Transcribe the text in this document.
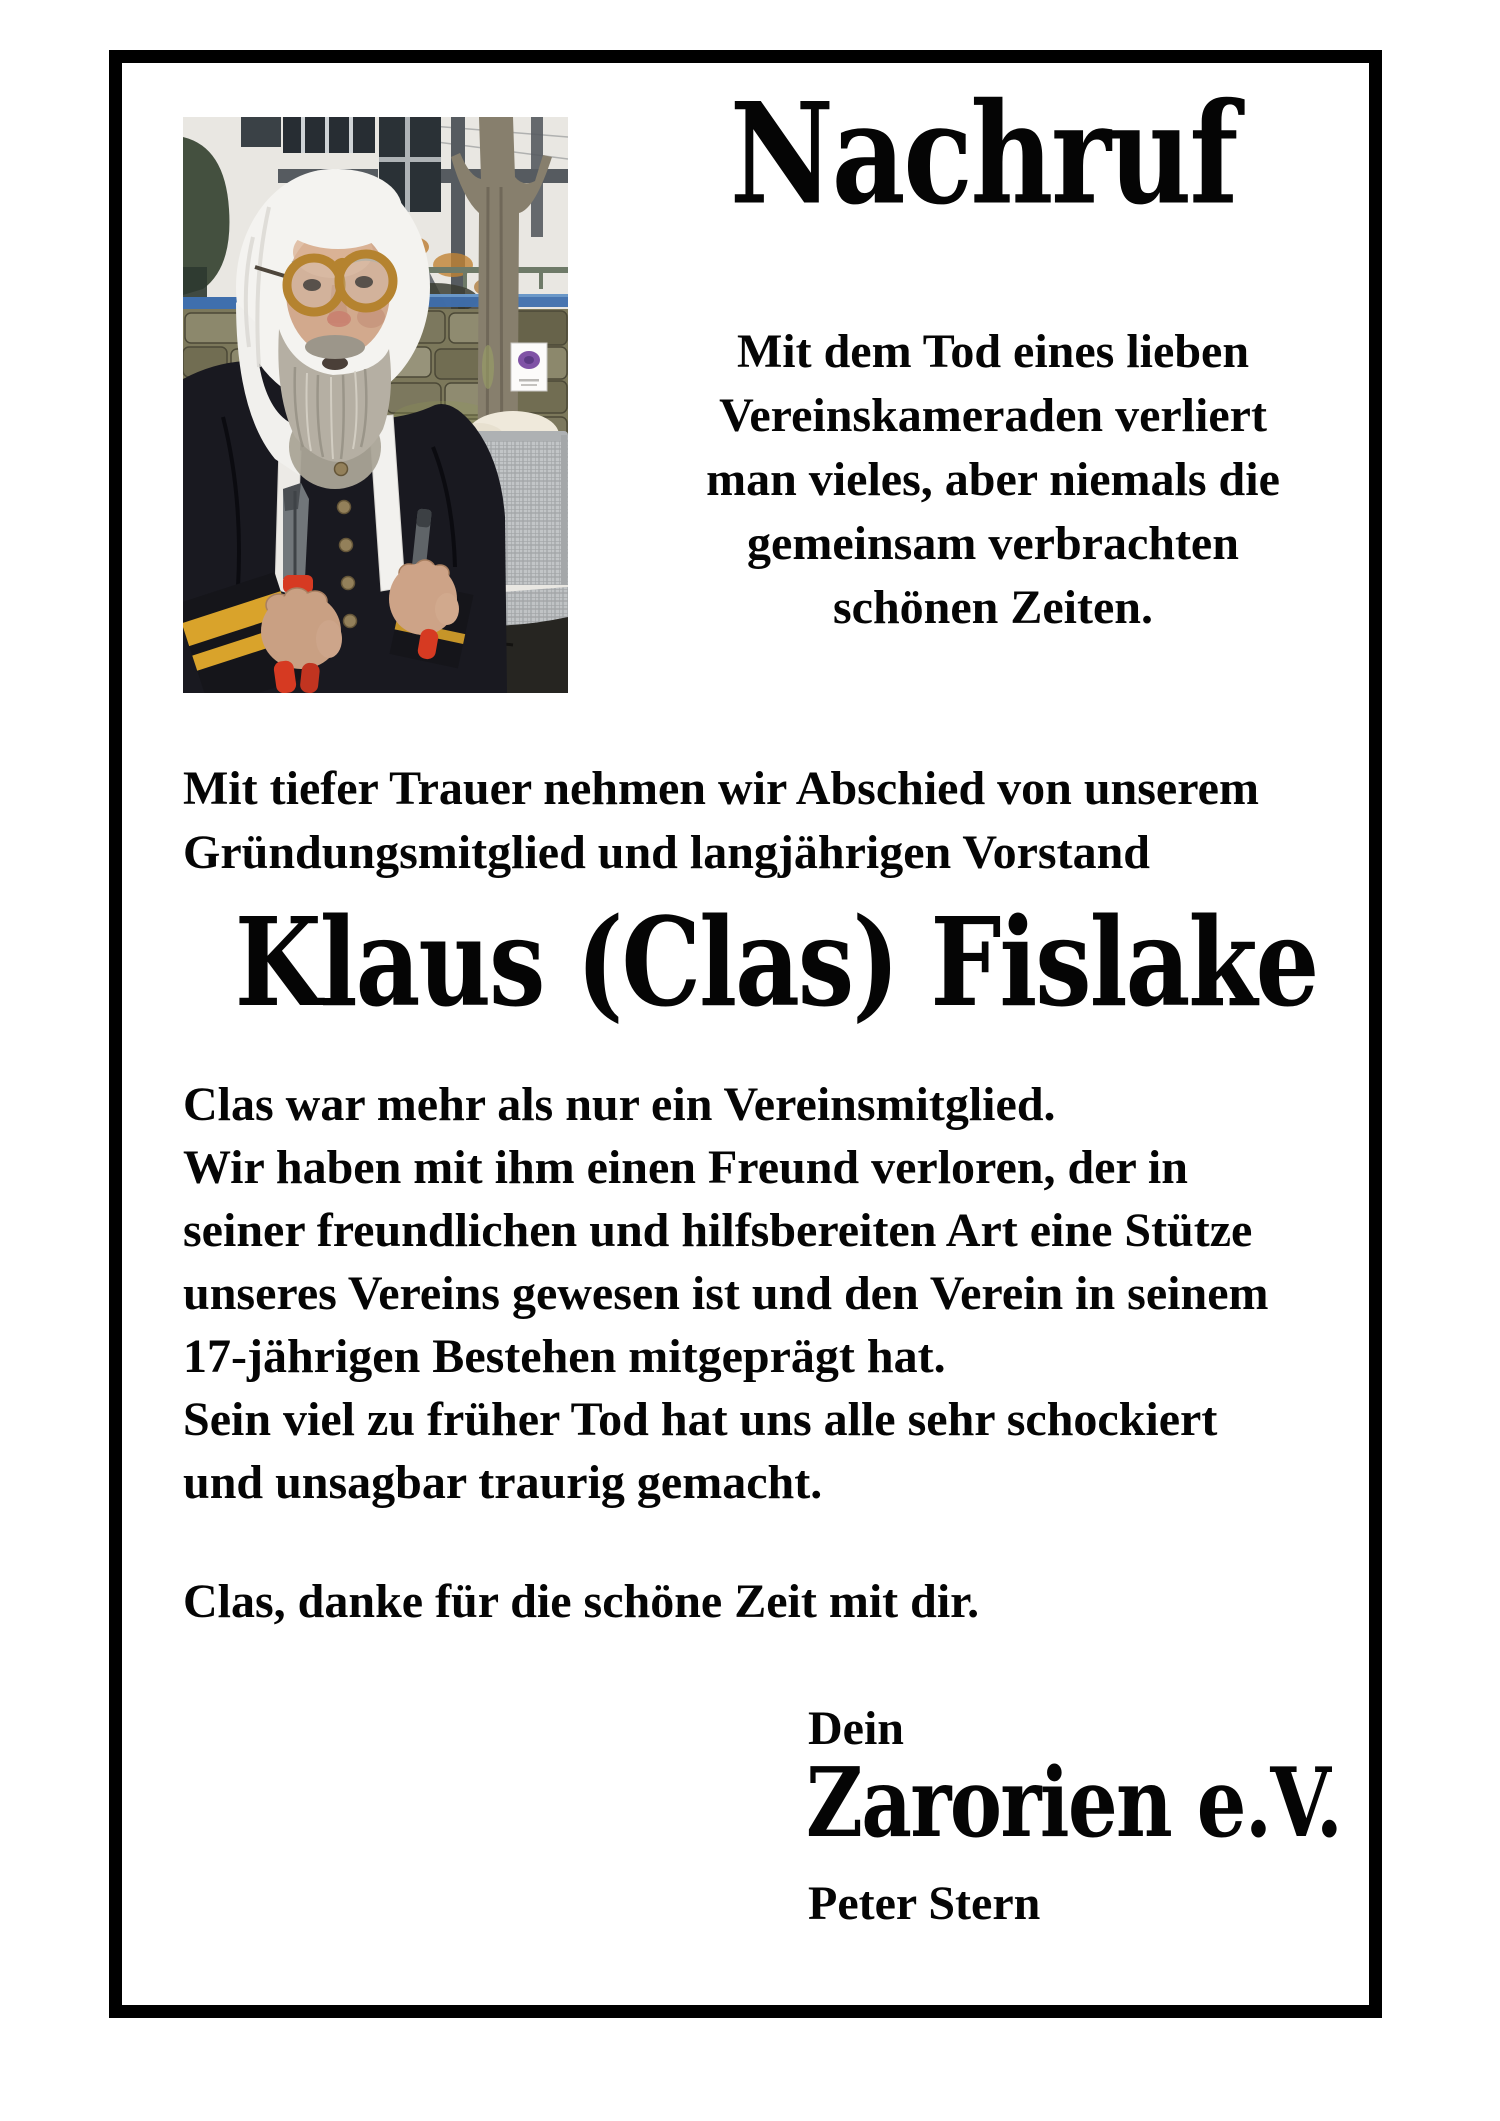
Nachruf
Mit dem Tod eines lieben
Vereinskameraden verliert
man vieles, aber niemals die
gemeinsam verbrachten
schönen Zeiten.
Mit tiefer Trauer nehmen wir Abschied von unserem
Gründungsmitglied und langjährigen Vorstand
Klaus (Clas) Fislake
Clas war mehr als nur ein Vereinsmitglied.
Wir haben mit ihm einen Freund verloren, der in
seiner freundlichen und hilfsbereiten Art eine Stütze
unseres Vereins gewesen ist und den Verein in seinem
17-jährigen Bestehen mitgeprägt hat.
Sein viel zu früher Tod hat uns alle sehr schockiert
und unsagbar traurig gemacht.
Clas, danke für die schöne Zeit mit dir.
Dein
Zarorien e.V.
Peter Stern
